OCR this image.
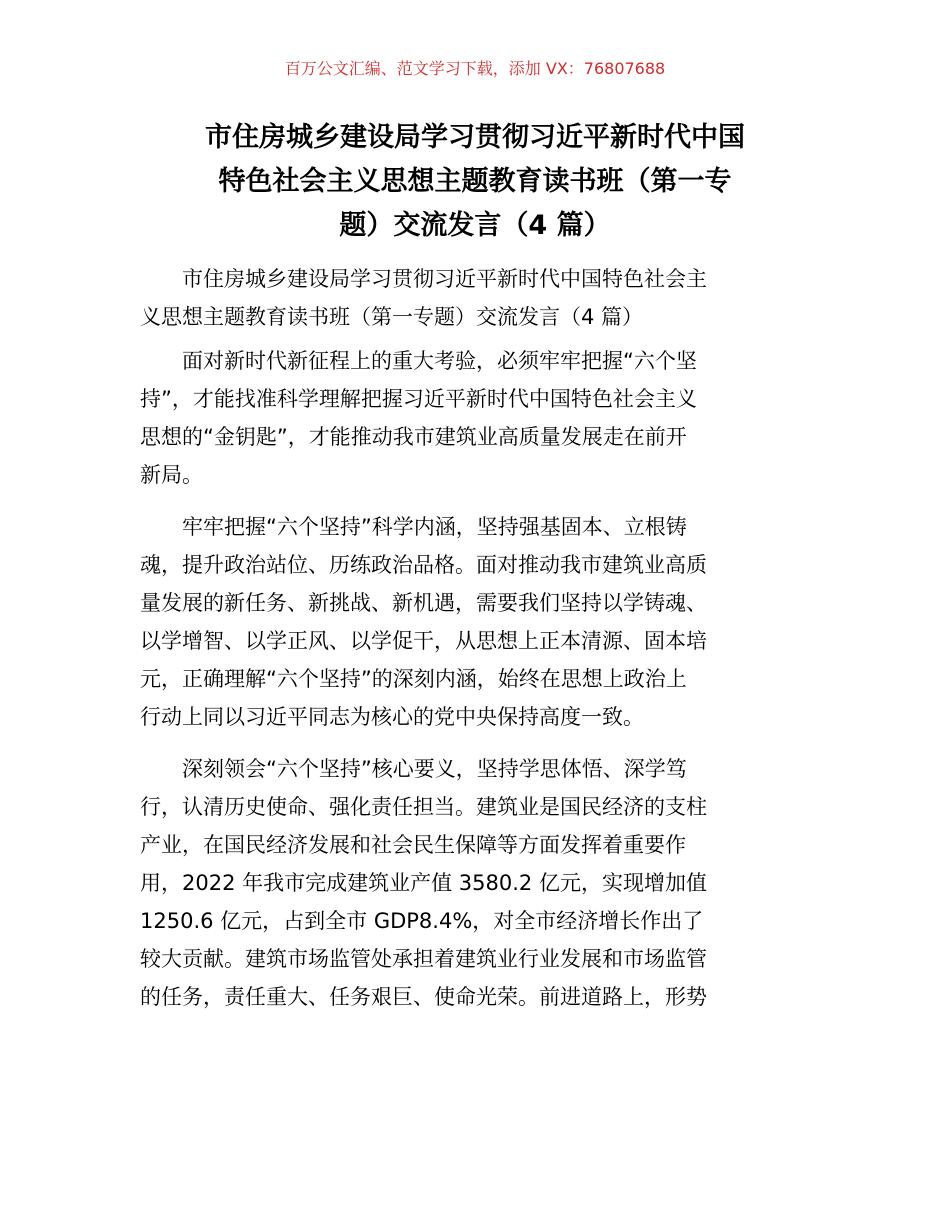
百万公文汇编、范文学习下载，添加 VX：76807688
市住房城乡建设局学习贯彻习近平新时代中国
特色社会主义思想主题教育读书班（第一专
题）交流发言（4 篇）
市住房城乡建设局学习贯彻习近平新时代中国特色社会主
义思想主题教育读书班（第一专题）交流发言（4 篇）
面对新时代新征程上的重大考验，必须牢牢把握“六个坚
持”，才能找准科学理解把握习近平新时代中国特色社会主义
思想的“金钥匙”，才能推动我市建筑业高质量发展走在前开
新局。
牢牢把握“六个坚持”科学内涵，坚持强基固本、立根铸
魂，提升政治站位、历练政治品格。面对推动我市建筑业高质
量发展的新任务、新挑战、新机遇，需要我们坚持以学铸魂、
以学增智、以学正风、以学促干，从思想上正本清源、固本培
元，正确理解“六个坚持”的深刻内涵，始终在思想上政治上
行动上同以习近平同志为核心的党中央保持高度一致。
深刻领会“六个坚持”核心要义，坚持学思体悟、深学笃
行，认清历史使命、强化责任担当。建筑业是国民经济的支柱
产业，在国民经济发展和社会民生保障等方面发挥着重要作
用，2022 年我市完成建筑业产值 3580.2 亿元，实现增加值
1250.6 亿元，占到全市 GDP8.4%，对全市经济增长作出了
较大贡献。建筑市场监管处承担着建筑业行业发展和市场监管
的任务，责任重大、任务艰巨、使命光荣。前进道路上，形势
